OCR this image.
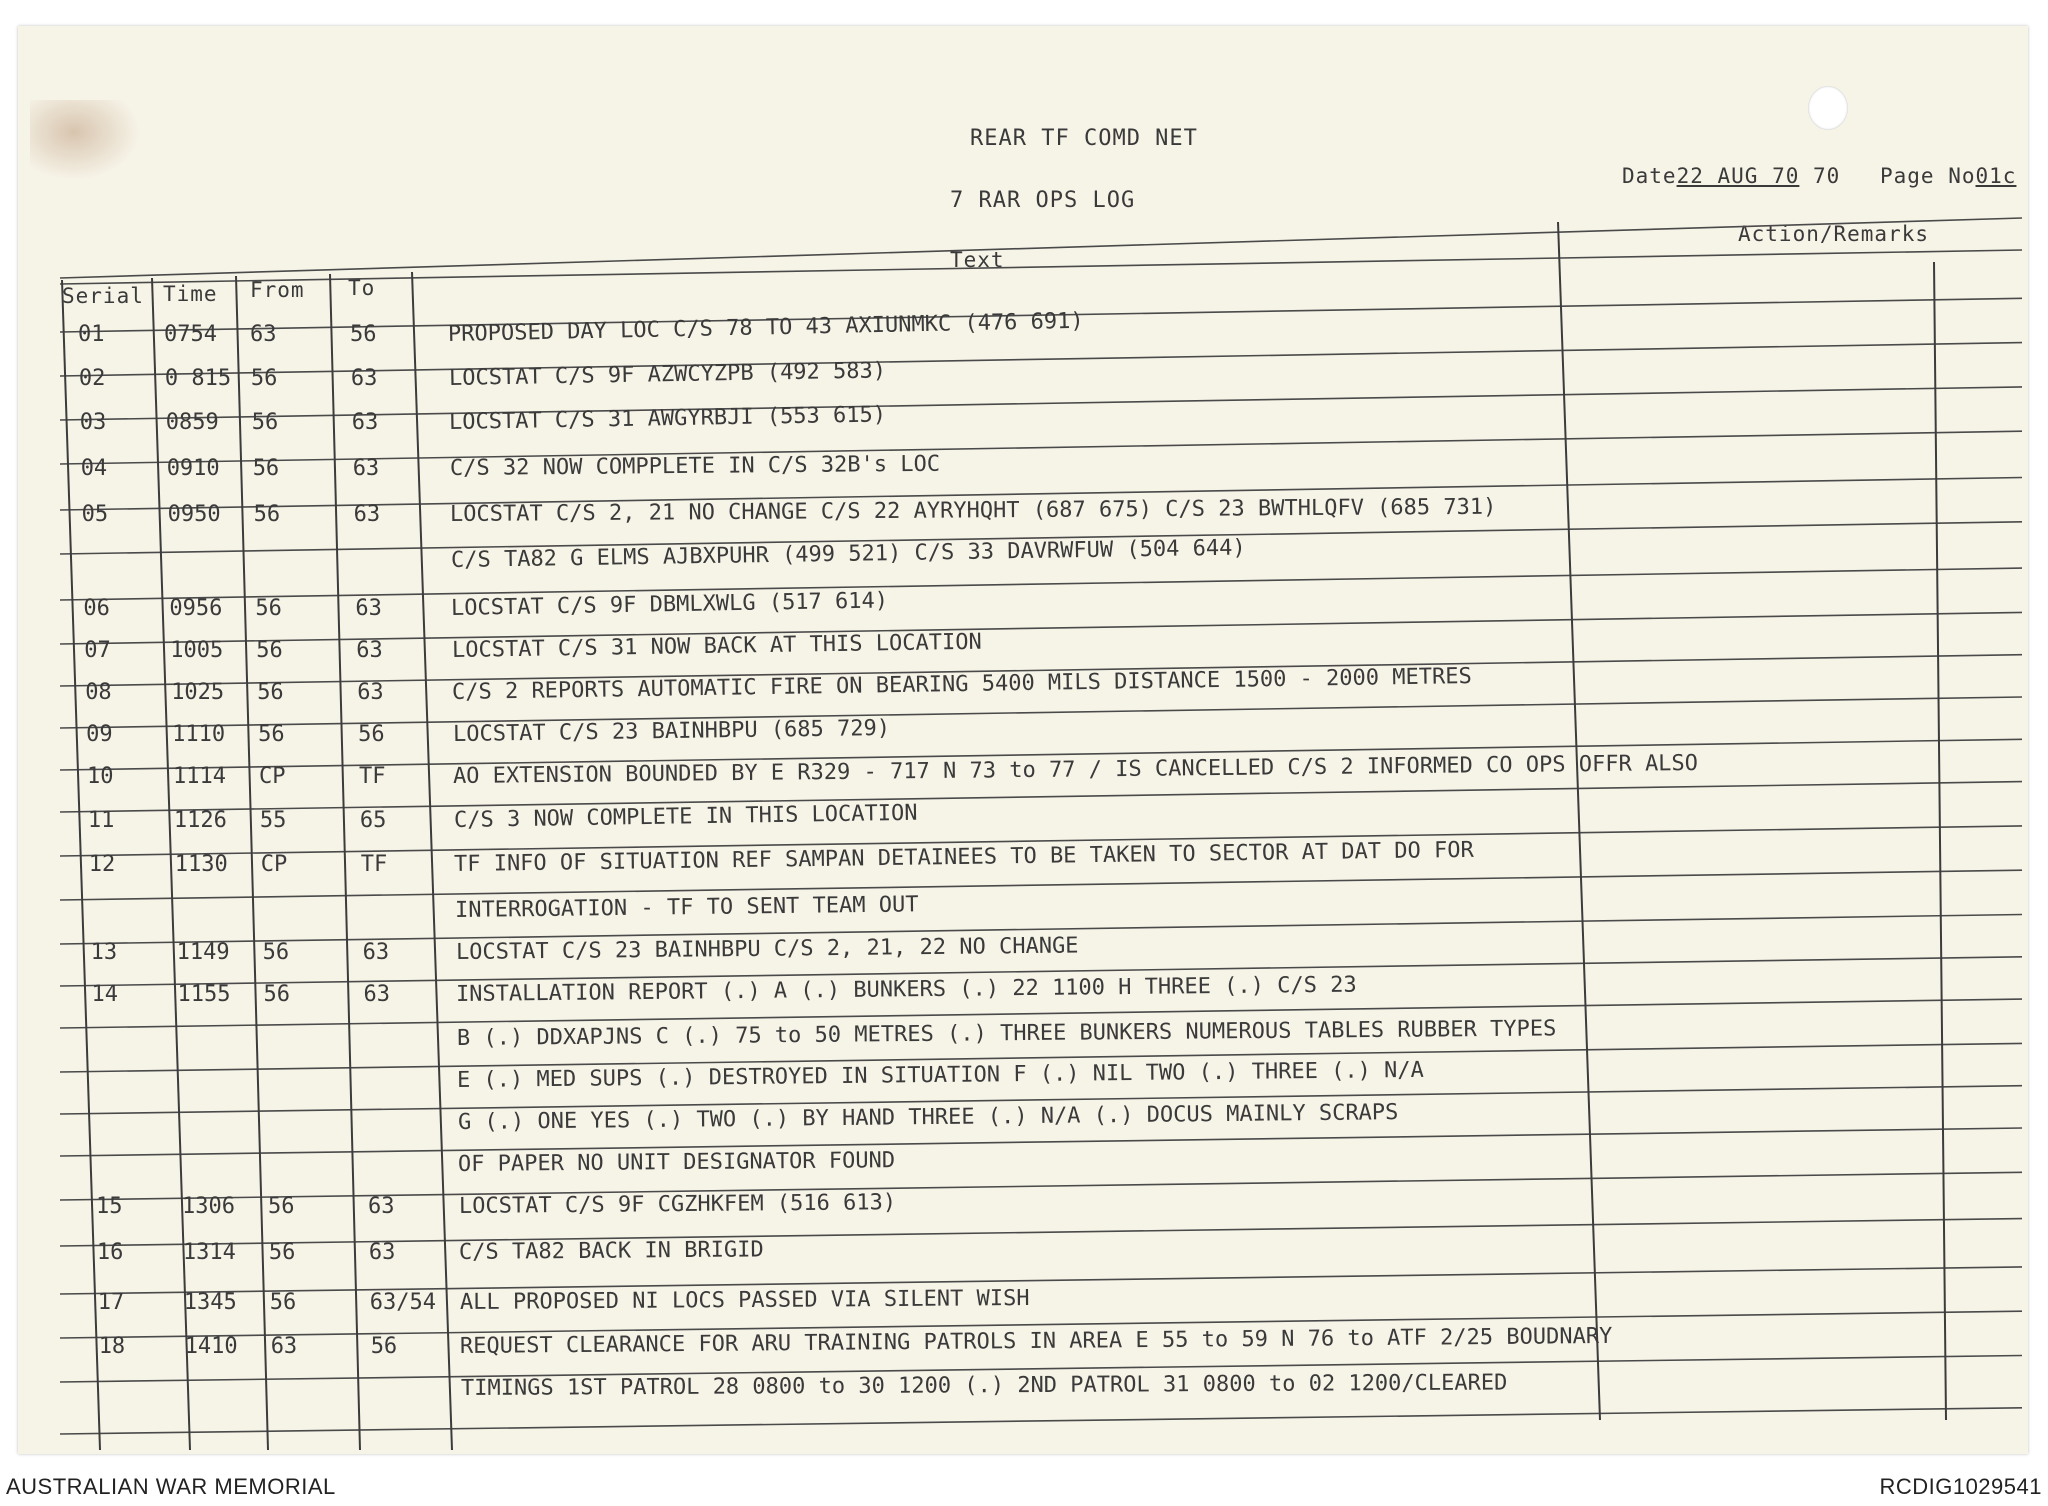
REAR TF COMD NET
7 RAR OPS LOG
Date22 AUG 70 70 Page No01c
Serial Time From To
Text
Action/Remarks
01	0754 63	56	PROPOSED DAY LOC C/S 78 TO 43 AXIUNMKC (476 691)
02	0 815 56	63	LOCSTAT C/S 9F AZWCYZPB (492 583)
03	0859 56	63	LOCSTAT C/S 31 AWGYRBJI (553 615)
04	0910 56	63	C/S 32 NOW COMPPLETE IN C/S 32B's LOC
05	0950 56	63	LOCSTAT C/S 2, 21 NO CHANGE C/S 22 AYRYHQHT (687 675) C/S 23 BWTHLQFV (685 731)
C/S TA82 G ELMS AJBXPUHR (499 521) C/S 33 DAVRWFUW (504 644)
06	0956 56	63	LOCSTAT C/S 9F DBMLXWLG (517 614)
07	1005 56	63	LOCSTAT C/S 31 NOW BACK AT THIS LOCATION
08	1025 56	63	C/S 2 REPORTS AUTOMATIC FIRE ON BEARING 5400 MILS DISTANCE 1500 - 2000 METRES
09	1110 56	56	LOCSTAT C/S 23 BAINHBPU (685 729)
10	1114 CP	TF	AO EXTENSION BOUNDED BY E R329 - 717 N 73 to 77 / IS CANCELLED C/S 2 INFORMED CO OPS OFFR ALSO
11	1126 55	65	C/S 3 NOW COMPLETE IN THIS LOCATION
12	1130 CP	TF	TF INFO OF SITUATION REF SAMPAN DETAINEES TO BE TAKEN TO SECTOR AT DAT DO FOR
INTERROGATION - TF TO SENT TEAM OUT
13	1149 56	63	LOCSTAT C/S 23 BAINHBPU C/S 2, 21, 22 NO CHANGE
14	1155 56	63	INSTALLATION REPORT (.) A (.) BUNKERS (.) 22 1100 H THREE (.) C/S 23
B (.) DDXAPJNS C (.) 75 to 50 METRES (.) THREE BUNKERS NUMEROUS TABLES RUBBER TYPES
E (.) MED SUPS (.) DESTROYED IN SITUATION F (.) NIL TWO (.) THREE (.) N/A
G (.) ONE YES (.) TWO (.) BY HAND THREE (.) N/A (.) DOCUS MAINLY SCRAPS
OF PAPER NO UNIT DESIGNATOR FOUND
15	1306 56	63	LOCSTAT C/S 9F CGZHKFEM (516 613)
16	1314 56	63	C/S TA82 BACK IN BRIGID
17	1345 56	63/54 ALL PROPOSED NI LOCS PASSED VIA SILENT WISH
18	1410 63	56	REQUEST CLEARANCE FOR ARU TRAINING PATROLS IN AREA E 55 to 59 N 76 to ATF 2/25 BOUDNARY
TIMINGS 1ST PATROL 28 0800 to 30 1200 (.) 2ND PATROL 31 0800 to 02 1200/CLEARED
AUSTRALIAN WAR MEMORIAL	RCDIG1029541
